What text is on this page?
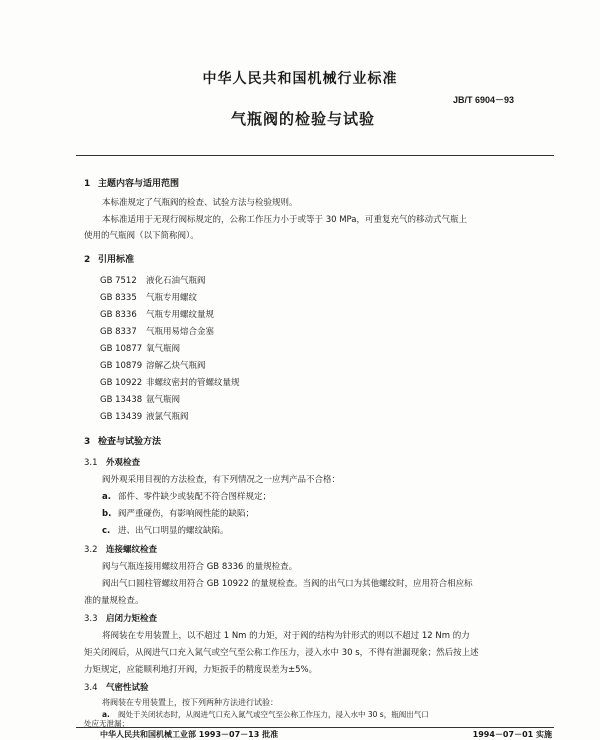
中华人民共和国机械行业标准
JB/T 6904－93
气瓶阀的检验与试验
1 主题内容与适用范围
本标准规定了气瓶阀的检查、试验方法与检验规则。
本标准适用于无现行阀标规定的，公称工作压力小于或等于 30 MPa，可重复充气的移动式气瓶上
使用的气瓶阀（以下简称阀）。
2 引用标准
GB 7512 液化石油气瓶阀
GB 8335 气瓶专用螺纹
GB 8336 气瓶专用螺纹量规
GB 8337 气瓶用易熔合金塞
GB 10877 氧气瓶阀
GB 10879 溶解乙炔气瓶阀
GB 10922 非螺纹密封的管螺纹量规
GB 13438 氩气瓶阀
GB 13439 液氯气瓶阀
3 检查与试验方法
3.1 外观检查
阀外观采用目视的方法检查，有下列情况之一应判产品不合格：
a. 部件、零件缺少或装配不符合图样规定；
b. 阀严重碰伤，有影响阀性能的缺陷；
c. 进、出气口明显的螺纹缺陷。
3.2 连接螺纹检查
阀与气瓶连接用螺纹用符合 GB 8336 的量规检查。
阀出气口圆柱管螺纹用符合 GB 10922 的量规检查。当阀的出气口为其他螺纹时，应用符合相应标
准的量规检查。
3.3 启闭力矩检查
将阀装在专用装置上，以不超过 1 Nm 的力矩，对于阀的结构为针形式的则以不超过 12 Nm 的力
矩关闭阀后，从阀进气口充入氮气或空气至公称工作压力，浸入水中 30 s，不得有泄漏现象；然后按上述
力矩规定，应能顺利地打开阀，力矩扳手的精度误差为±5%。
3.4 气密性试验
将阀装在专用装置上，按下列两种方法进行试验：
中华人民共和国机械工业部 1993－07－13 批准	1994－07－01 实施
a. 阀处于关闭状态时，从阀进气口充入氮气或空气至公称工作压力，浸入水中 30 s，瓶阀出气口
处应无泄漏；
